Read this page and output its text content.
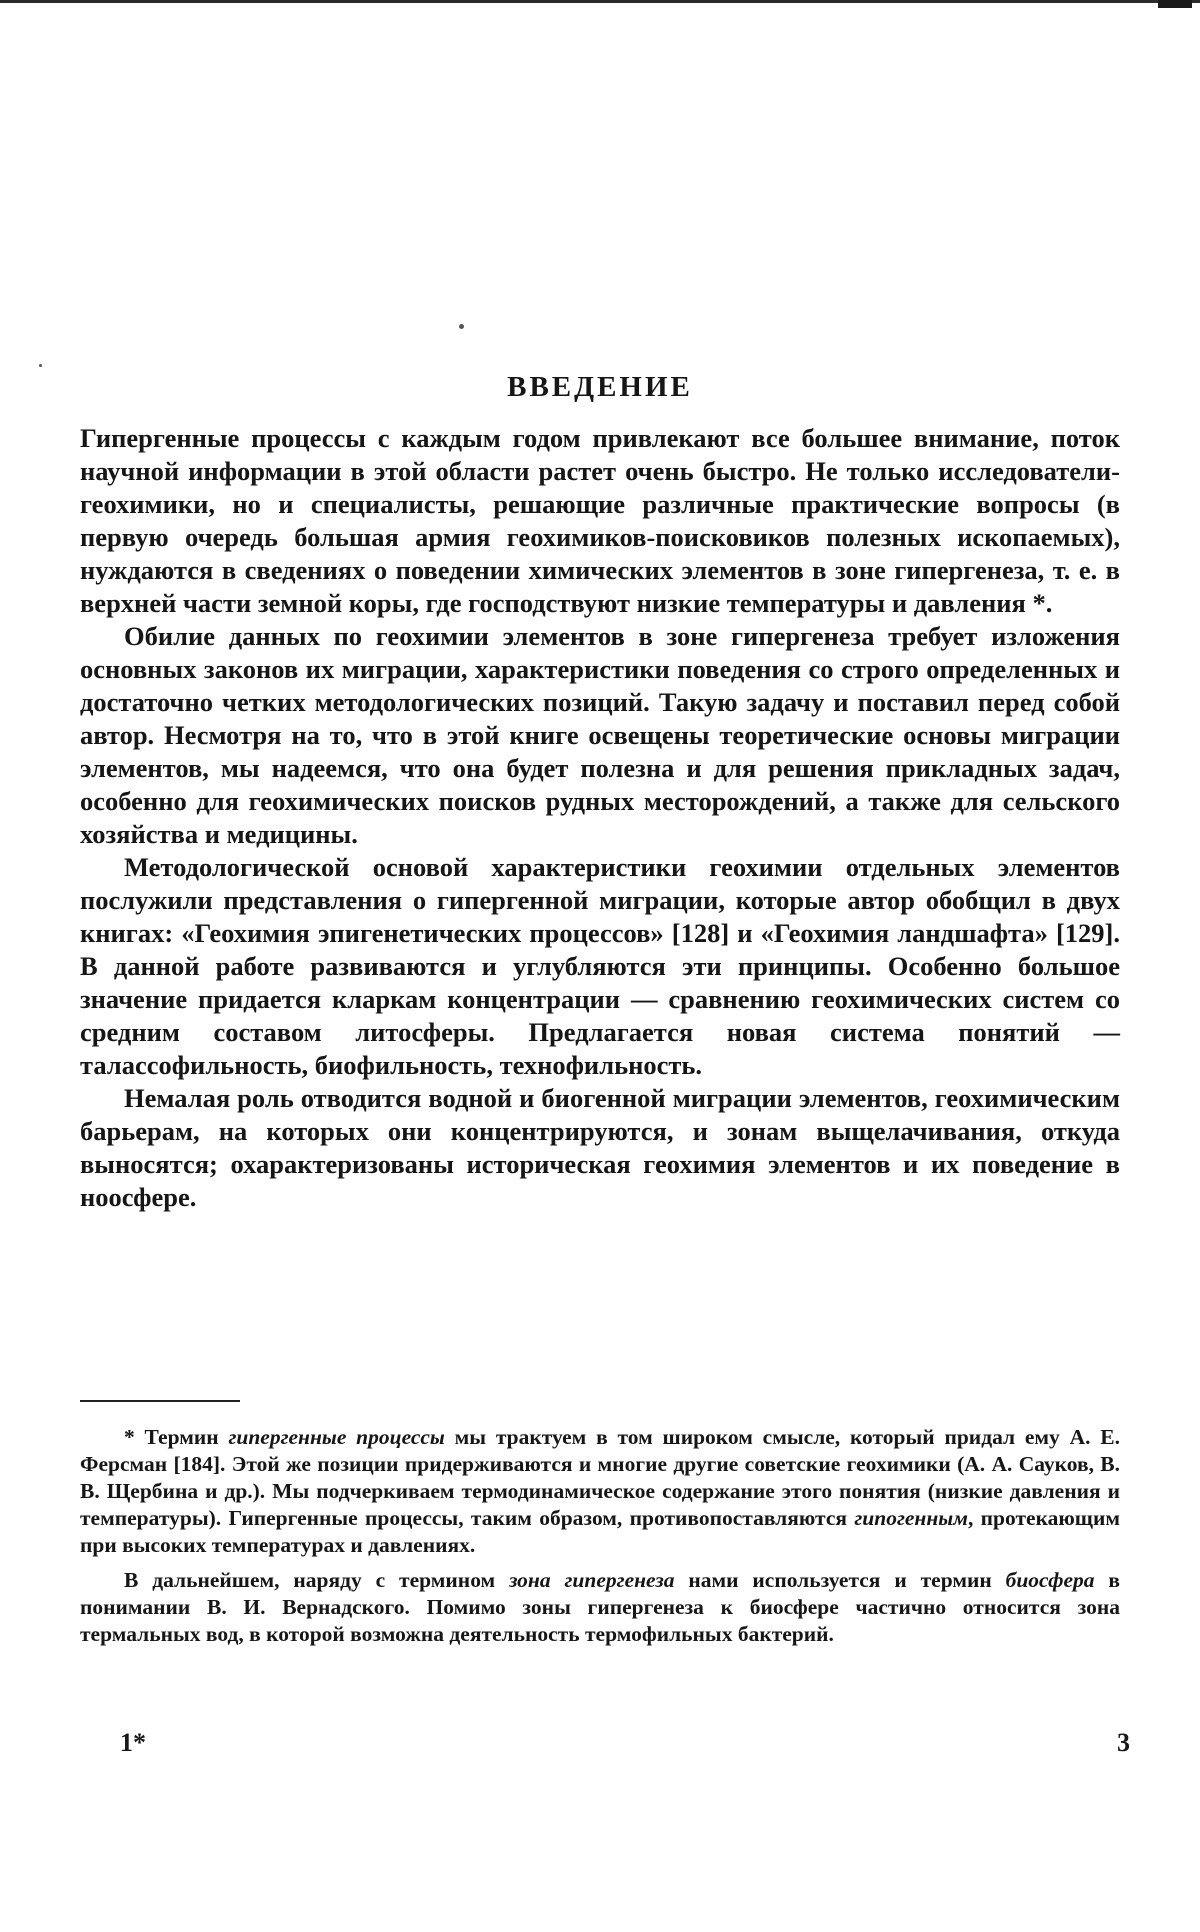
ВВЕДЕНИЕ

Гипергенные процессы с каждым годом привлекают все большее внимание, поток научной информации в этой области растет очень быстро. Не только исследователи-геохимики, но и специалисты, решающие различные практические вопросы (в первую очередь большая армия геохимиков-поисковиков полезных ископаемых), нуждаются в сведениях о поведении химических элементов в зоне гипергенеза, т. е. в верхней части земной коры, где господствуют низкие температуры и давления *.

Обилие данных по геохимии элементов в зоне гипергенеза требует изложения основных законов их миграции, характеристики поведения со строго определенных и достаточно четких методологических позиций. Такую задачу и поставил перед собой автор. Несмотря на то, что в этой книге освещены теоретические основы миграции элементов, мы надеемся, что она будет полезна и для решения прикладных задач, особенно для геохимических поисков рудных месторождений, а также для сельского хозяйства и медицины.

Методологической основой характеристики геохимии отдельных элементов послужили представления о гипергенной миграции, которые автор обобщил в двух книгах: «Геохимия эпигенетических процессов» [128] и «Геохимия ландшафта» [129]. В данной работе развиваются и углубляются эти принципы. Особенно большое значение придается кларкам концентрации — сравнению геохимических систем со средним составом литосферы. Предлагается новая система понятий — талассофильность, биофильность, технофильность.

Немалая роль отводится водной и биогенной миграции элементов, геохимическим барьерам, на которых они концентрируются, и зонам выщелачивания, откуда выносятся; охарактеризованы историческая геохимия элементов и их поведение в ноосфере.

* Термин гипергенные процессы мы трактуем в том широком смысле, который придал ему А. Е. Ферсман [184]. Этой же позиции придерживаются и многие другие советские геохимики (А. А. Сауков, В. В. Щербина и др.). Мы подчеркиваем термодинамическое содержание этого понятия (низкие давления и температуры). Гипергенные процессы, таким образом, противопоставляются гипогенным, протекающим при высоких температурах и давлениях.

В дальнейшем, наряду с термином зона гипергенеза нами используется и термин биосфера в понимании В. И. Вернадского. Помимо зоны гипергенеза к биосфере частично относится зона термальных вод, в которой возможна деятельность термофильных бактерий.

1*	3
